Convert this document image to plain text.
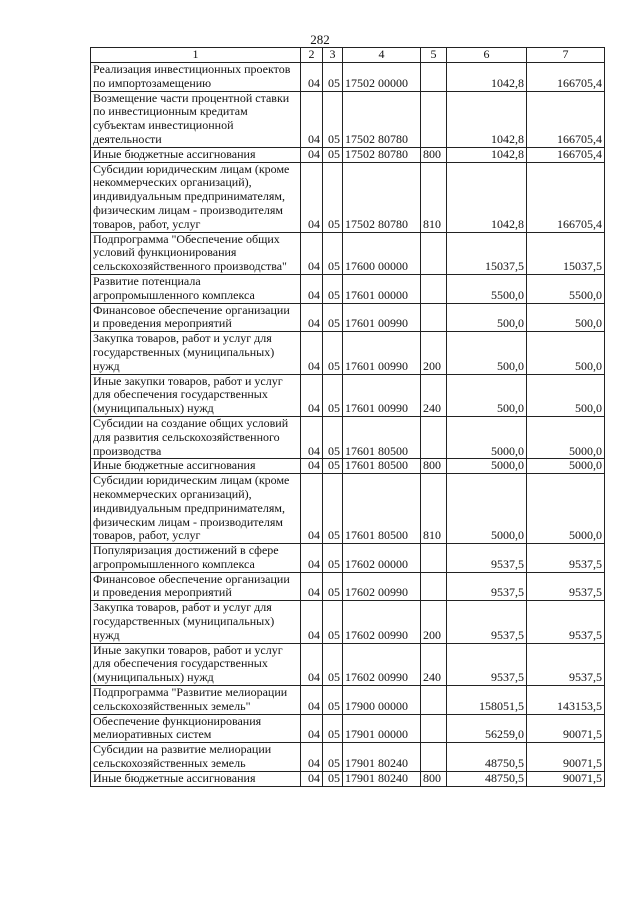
282
1	2	3	4	5	6	7

Реализация инвестиционных проектов
по импортозамещению	04	05	17502 00000		1042,8	166705,4

Возмещение части процентной ставки
по инвестиционным кредитам
субъектам инвестиционной
деятельности	04	05	17502 80780		1042,8	166705,4

Иные бюджетные ассигнования	04	05	17502 80780	800	1042,8	166705,4

Субсидии юридическим лицам (кроме
некоммерческих организаций),
индивидуальным предпринимателям,
физическим лицам - производителям
товаров, работ, услуг	04	05	17502 80780	810	1042,8	166705,4

Подпрограмма "Обеспечение общих
условий функционирования
сельскохозяйственного производства"	04	05	17600 00000		15037,5	15037,5

Развитие потенциала
агропромышленного комплекса	04	05	17601 00000		5500,0	5500,0

Финансовое обеспечение организации
и проведения мероприятий	04	05	17601 00990		500,0	500,0

Закупка товаров, работ и услуг для
государственных (муниципальных)
нужд	04	05	17601 00990	200	500,0	500,0

Иные закупки товаров, работ и услуг
для обеспечения государственных
(муниципальных) нужд	04	05	17601 00990	240	500,0	500,0

Субсидии на создание общих условий
для развития сельскохозяйственного
производства	04	05	17601 80500		5000,0	5000,0

Иные бюджетные ассигнования	04	05	17601 80500	800	5000,0	5000,0

Субсидии юридическим лицам (кроме
некоммерческих организаций),
индивидуальным предпринимателям,
физическим лицам - производителям
товаров, работ, услуг	04	05	17601 80500	810	5000,0	5000,0

Популяризация достижений в сфере
агропромышленного комплекса	04	05	17602 00000		9537,5	9537,5

Финансовое обеспечение организации
и проведения мероприятий	04	05	17602 00990		9537,5	9537,5

Закупка товаров, работ и услуг для
государственных (муниципальных)
нужд	04	05	17602 00990	200	9537,5	9537,5

Иные закупки товаров, работ и услуг
для обеспечения государственных
(муниципальных) нужд	04	05	17602 00990	240	9537,5	9537,5

Подпрограмма "Развитие мелиорации
сельскохозяйственных земель"	04	05	17900 00000		158051,5	143153,5

Обеспечение функционирования
мелиоративных систем	04	05	17901 00000		56259,0	90071,5

Субсидии на развитие мелиорации
сельскохозяйственных земель	04	05	17901 80240		48750,5	90071,5

Иные бюджетные ассигнования	04	05	17901 80240	800	48750,5	90071,5
